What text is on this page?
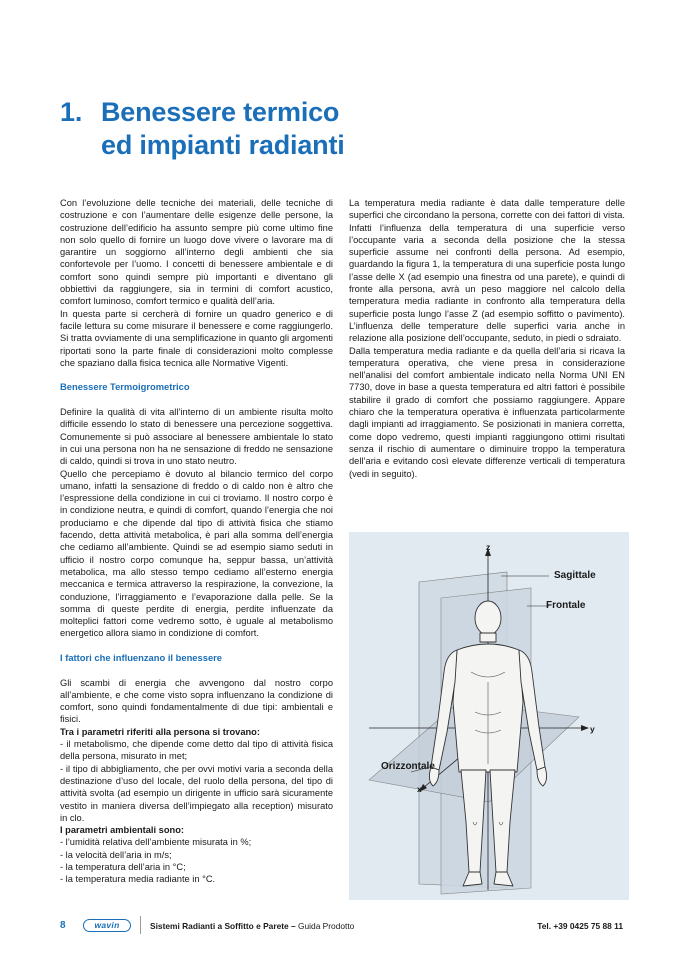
1. Benessere termico
ed impianti radianti

Con l’evoluzione delle tecniche dei materiali, delle tecniche di costruzione e con l’aumentare delle esigenze delle persone, la costruzione dell’edificio ha assunto sempre più come ultimo fine non solo quello di fornire un luogo dove vivere o lavorare ma di garantire un soggiorno all’interno degli ambienti che sia confortevole per l’uomo. I concetti di benessere ambientale e di comfort sono quindi sempre più importanti e diventano gli obbiettivi da raggiungere, sia in termini di comfort acustico, comfort luminoso, comfort termico e qualità dell’aria.

In questa parte si cercherà di fornire un quadro generico e di facile lettura su come misurare il benessere e come raggiungerlo. Si tratta ovviamente di una semplificazione in quanto gli argomenti riportati sono la parte finale di considerazioni molto complesse che spaziano dalla fisica tecnica alle Normative Vigenti.

Benessere Termoigrometrico

Definire la qualità di vita all’interno di un ambiente risulta molto difficile essendo lo stato di benessere una percezione soggettiva. Comunemente si può associare al benessere ambientale lo stato in cui una persona non ha ne sensazione di freddo ne sensazione di caldo, quindi si trova in uno stato neutro.

Quello che percepiamo è dovuto al bilancio termico del corpo umano, infatti la sensazione di freddo o di caldo non è altro che l’espressione della condizione in cui ci troviamo. Il nostro corpo è in condizione neutra, e quindi di comfort, quando l’energia che noi produciamo e che dipende dal tipo di attività fisica che stiamo facendo, detta attività metabolica, è pari alla somma dell’energia che cediamo all’ambiente. Quindi se ad esempio siamo seduti in ufficio il nostro corpo comunque ha, seppur bassa, un’attività metabolica, ma allo stesso tempo cediamo all’esterno energia meccanica e termica attraverso la respirazione, la convezione, la conduzione, l’irraggiamento e l’evaporazione dalla pelle. Se la somma di queste perdite di energia, perdite influenzate da molteplici fattori come vedremo sotto, è uguale al metabolismo energetico allora siamo in condizione di comfort.

I fattori che influenzano il benessere

Gli scambi di energia che avvengono dal nostro corpo all’ambiente, e che come visto sopra influenzano la condizione di comfort, sono quindi fondamentalmente di due tipi: ambientali e fisici.

Tra i parametri riferiti alla persona si trovano:

- il metabolismo, che dipende come detto dal tipo di attività fisica della persona, misurato in met;

- il tipo di abbigliamento, che per ovvi motivi varia a seconda della destinazione d’uso del locale, del ruolo della persona, del tipo di attività svolta (ad esempio un dirigente in ufficio sarà sicuramente vestito in maniera diversa dell’impiegato alla reception) misurato in clo.

I parametri ambientali sono:

- l’umidità relativa dell’ambiente misurata in %;

- la velocità dell’aria in m/s;

- la temperatura dell’aria in °C;

- la temperatura media radiante in °C.

La temperatura media radiante è data dalle temperature delle superfici che circondano la persona, corrette con dei fattori di vista. Infatti l’influenza della temperatura di una superficie verso l’occupante varia a seconda della posizione che la stessa superficie assume nei confronti della persona. Ad esempio, guardando la figura 1, la temperatura di una superficie posta lungo l’asse delle X (ad esempio una finestra od una parete), e quindi di fronte alla persona, avrà un peso maggiore nel calcolo della temperatura media radiante in confronto alla temperatura della superficie posta lungo l’asse Z (ad esempio soffitto o pavimento). L’influenza delle temperature delle superfici varia anche in relazione alla posizione dell’occupante, seduto, in piedi o sdraiato.

Dalla temperatura media radiante e da quella dell’aria si ricava la temperatura operativa, che viene presa in considerazione nell’analisi del comfort ambientale indicato nella Norma UNI EN 7730, dove in base a questa temperatura ed altri fattori è possibile stabilire il grado di comfort che possiamo raggiungere. Appare chiaro che la temperatura operativa è influenzata particolarmente dagli impianti ad irraggiamento. Se posizionati in maniera corretta, come dopo vedremo, questi impianti raggiungono ottimi risultati senza il rischio di aumentare o diminuire troppo la temperatura dell’aria e evitando così elevate differenze verticali di temperatura (vedi in seguito).

Sagittale
Frontale
Orizzontale
z
y
x
8	wavin	Sistemi Radianti a Soffitto e Parete – Guida Prodotto	Tel. +39 0425 75 88 11
